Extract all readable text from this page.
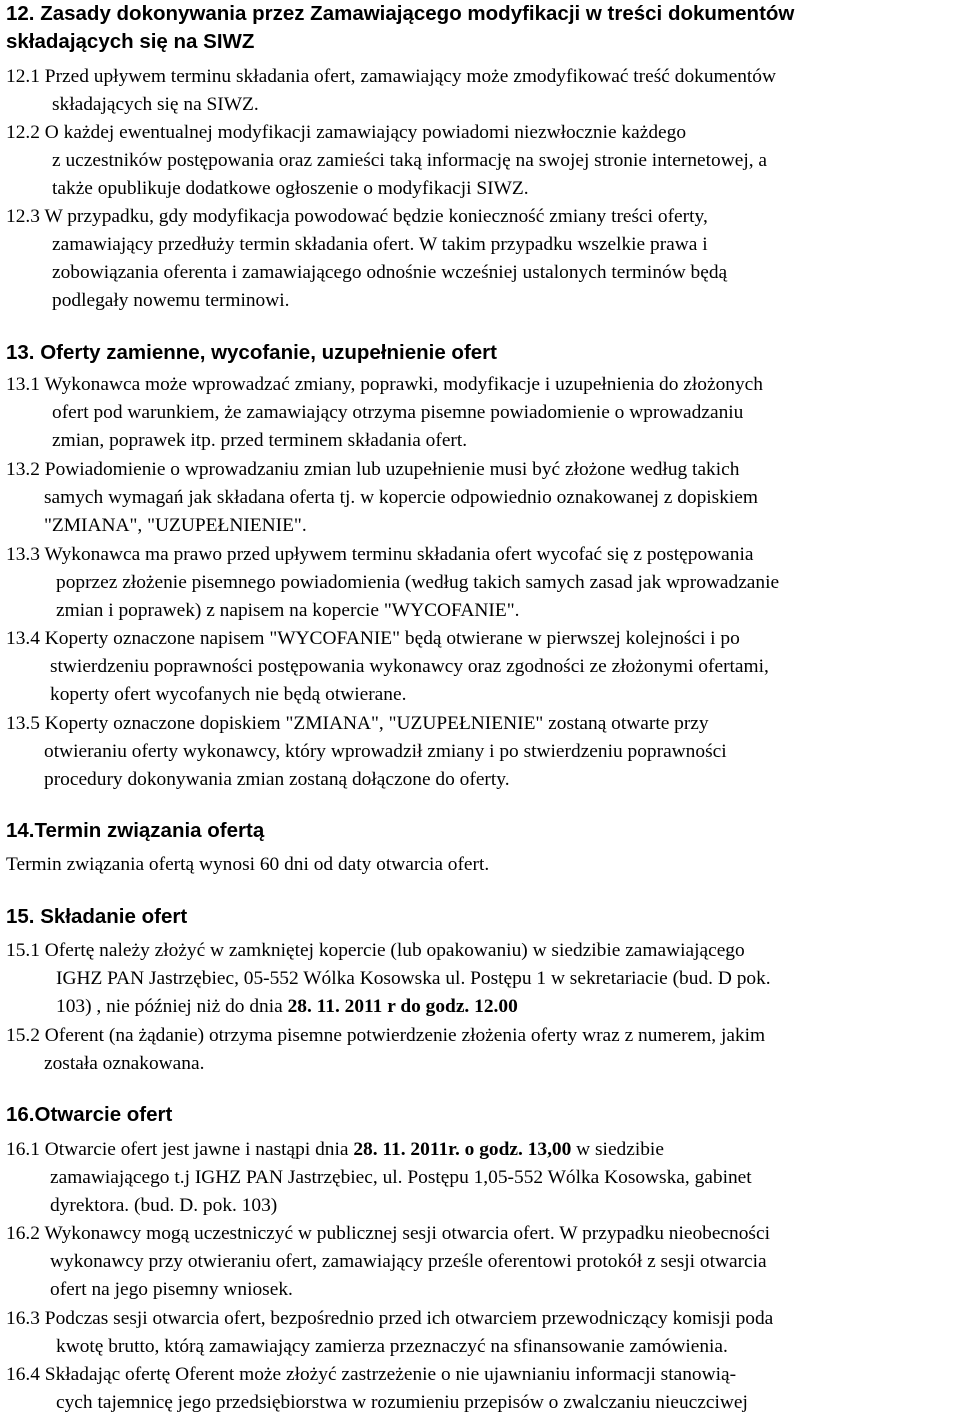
12. Zasady dokonywania przez Zamawiającego modyfikacji w treści dokumentów
składających się na SIWZ
12.1 Przed upływem terminu składania ofert, zamawiający może zmodyfikować treść dokumentów
składających się na SIWZ.
12.2 O każdej ewentualnej modyfikacji zamawiający powiadomi niezwłocznie każdego
z uczestników postępowania oraz zamieści taką informację na swojej stronie internetowej, a
także opublikuje dodatkowe ogłoszenie o modyfikacji SIWZ.
12.3 W przypadku, gdy modyfikacja powodować będzie konieczność zmiany treści oferty,
zamawiający przedłuży termin składania ofert. W takim przypadku wszelkie prawa i
zobowiązania oferenta i zamawiającego odnośnie wcześniej ustalonych terminów będą
podlegały nowemu terminowi.
13. Oferty zamienne, wycofanie, uzupełnienie ofert
13.1 Wykonawca może wprowadzać zmiany, poprawki, modyfikacje i uzupełnienia do złożonych
ofert pod warunkiem, że zamawiający otrzyma pisemne powiadomienie o wprowadzaniu
zmian, poprawek itp. przed terminem składania ofert.
13.2 Powiadomienie o wprowadzaniu zmian lub uzupełnienie musi być złożone według takich
samych wymagań jak składana oferta tj. w kopercie odpowiednio oznakowanej z dopiskiem
"ZMIANA", "UZUPEŁNIENIE".
13.3 Wykonawca ma prawo przed upływem terminu składania ofert wycofać się z postępowania
poprzez złożenie pisemnego powiadomienia (według takich samych zasad jak wprowadzanie
zmian i poprawek) z napisem na kopercie "WYCOFANIE".
13.4 Koperty oznaczone napisem "WYCOFANIE" będą otwierane w pierwszej kolejności i po
stwierdzeniu poprawności postępowania wykonawcy oraz zgodności ze złożonymi ofertami,
koperty ofert wycofanych nie będą otwierane.
13.5 Koperty oznaczone dopiskiem "ZMIANA", "UZUPEŁNIENIE" zostaną otwarte przy
otwieraniu oferty wykonawcy, który wprowadził zmiany i po stwierdzeniu poprawności
procedury dokonywania zmian zostaną dołączone do oferty.
14.Termin związania ofertą
Termin związania ofertą wynosi 60 dni od daty otwarcia ofert.
15. Składanie ofert
15.1 Ofertę należy złożyć w zamkniętej kopercie (lub opakowaniu) w siedzibie zamawiającego
IGHZ PAN Jastrzębiec, 05-552 Wólka Kosowska ul. Postępu 1 w sekretariacie (bud. D pok.
103) , nie później niż do dnia 28. 11. 2011 r do godz. 12.00
15.2 Oferent (na żądanie) otrzyma pisemne potwierdzenie złożenia oferty wraz z numerem, jakim
została oznakowana.
16.Otwarcie ofert
16.1 Otwarcie ofert jest jawne i nastąpi dnia 28. 11. 2011r. o godz. 13,00 w siedzibie
zamawiającego t.j IGHZ PAN Jastrzębiec, ul. Postępu 1,05-552 Wólka Kosowska, gabinet
dyrektora. (bud. D. pok. 103)
16.2 Wykonawcy mogą uczestniczyć w publicznej sesji otwarcia ofert. W przypadku nieobecności
wykonawcy przy otwieraniu ofert, zamawiający prześle oferentowi protokół z sesji otwarcia
ofert na jego pisemny wniosek.
16.3 Podczas sesji otwarcia ofert, bezpośrednio przed ich otwarciem przewodniczący komisji poda
kwotę brutto, którą zamawiający zamierza przeznaczyć na sfinansowanie zamówienia.
16.4 Składając ofertę Oferent może złożyć zastrzeżenie o nie ujawnianiu informacji stanowią-
cych tajemnicę jego przedsiębiorstwa w rozumieniu przepisów o zwalczaniu nieuczciwej
